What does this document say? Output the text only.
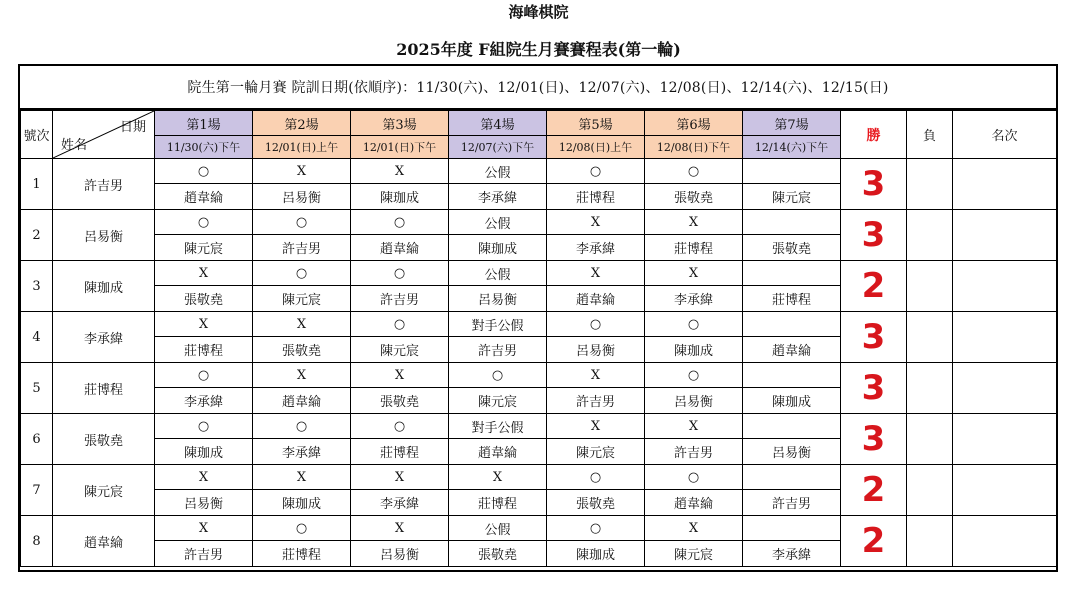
海峰棋院
2025年度 F組院生月賽賽程表(第一輪)
院生第一輪月賽 院訓日期(依順序)：11/30(六)、12/01(日)、12/07(六)、12/08(日)、12/14(六)、12/15(日)
號次	日期
姓名	第1場	第2場	第3場	第4場	第5場	第6場	第7場	勝	負	名次
		11/30(六)下午	12/01(日)上午	12/01(日)下午	12/07(六)下午	12/08(日)上午	12/08(日)下午	12/14(六)下午			
1	許吉男	○	X	X	公假	○	○		3		
		趙韋綸	呂易衡	陳珈成	李承緯	莊博程	張敬堯	陳元宸			
2	呂易衡	○	○	○	公假	X	X		3		
		陳元宸	許吉男	趙韋綸	陳珈成	李承緯	莊博程	張敬堯			
3	陳珈成	X	○	○	公假	X	X		2		
		張敬堯	陳元宸	許吉男	呂易衡	趙韋綸	李承緯	莊博程			
4	李承緯	X	X	○	對手公假	○	○		3		
		莊博程	張敬堯	陳元宸	許吉男	呂易衡	陳珈成	趙韋綸			
5	莊博程	○	X	X	○	X	○		3		
		李承緯	趙韋綸	張敬堯	陳元宸	許吉男	呂易衡	陳珈成			
6	張敬堯	○	○	○	對手公假	X	X		3		
		陳珈成	李承緯	莊博程	趙韋綸	陳元宸	許吉男	呂易衡			
7	陳元宸	X	X	X	X	○	○		2		
		呂易衡	陳珈成	李承緯	莊博程	張敬堯	趙韋綸	許吉男			
8	趙韋綸	X	○	X	公假	○	X		2		
		許吉男	莊博程	呂易衡	張敬堯	陳珈成	陳元宸	李承緯			
